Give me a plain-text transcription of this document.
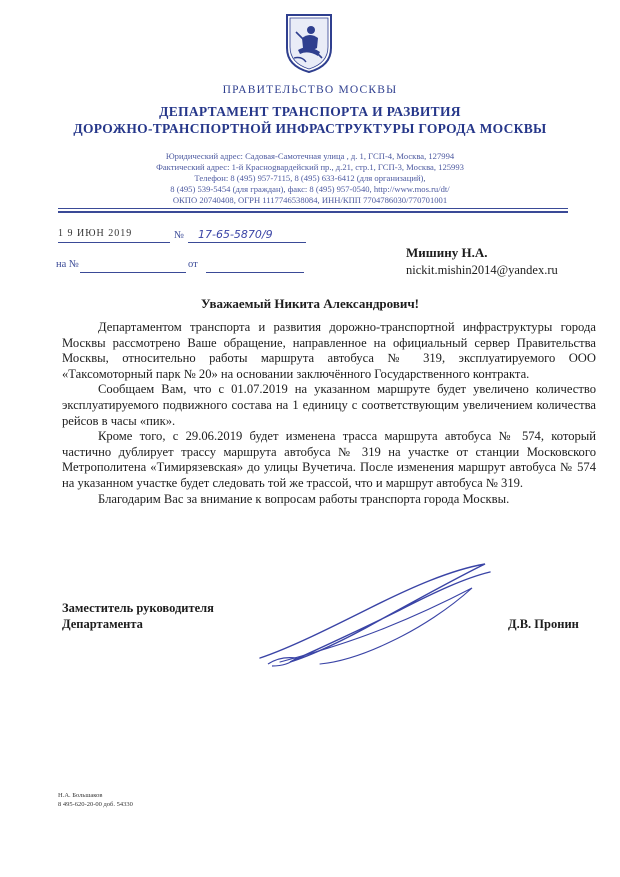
ПРАВИТЕЛЬСТВО МОСКВЫ
ДЕПАРТАМЕНТ ТРАНСПОРТА И РАЗВИТИЯ
ДОРОЖНО-ТРАНСПОРТНОЙ ИНФРАСТРУКТУРЫ ГОРОДА МОСКВЫ
Юридический адрес: Садовая-Самотечная улица , д. 1, ГСП-4, Москва, 127994
Фактический адрес: 1-й Краснogвардейский пр., д.21, стр.1, ГСП-3, Москва, 125993
Телефон: 8 (495) 957-7115, 8 (495) 633-6412 (для организаций),
8 (495) 539-5454 (для граждан), факс: 8 (495) 957-0540, http://www.mos.ru/dt/
ОКПО 20740408, ОГРН 1117746538084, ИНН/КПП 7704786030/770701001
1 9 ИЮН 2019	№ 17-65-5870/9
на №	от
Мишину Н.А.
nickit.mishin2014@yandex.ru
Уважаемый Никита Александрович!

Департаментом транспорта и развития дорожно-транспортной инфраструктуры города Москвы рассмотрено Ваше обращение, направленное на официальный сервер Правительства Москвы, относительно работы маршрута автобуса № 319, эксплуатируемого ООО «Таксомоторный парк № 20» на основании заключённого Государственного контракта.

Сообщаем Вам, что с 01.07.2019 на указанном маршруте будет увеличено количество эксплуатируемого подвижного состава на 1 единицу с соответствующим увеличением количества рейсов в часы «пик».

Кроме того, с 29.06.2019 будет изменена трасса маршрута автобуса № 574, который частично дублирует трассу маршрута автобуса № 319 на участке от станции Московского Метрополитена «Тимирязевская» до улицы Вучетича. После изменения маршрут автобуса № 574 на указанном участке будет следовать той же трассой, что и маршрут автобуса № 319.

Благодарим Вас за внимание к вопросам работы транспорта города Москвы.

Заместитель руководителя
Департамента	Д.В. Пронин
Н.А. Большаков
8 495-620-20-00 доб. 54330
